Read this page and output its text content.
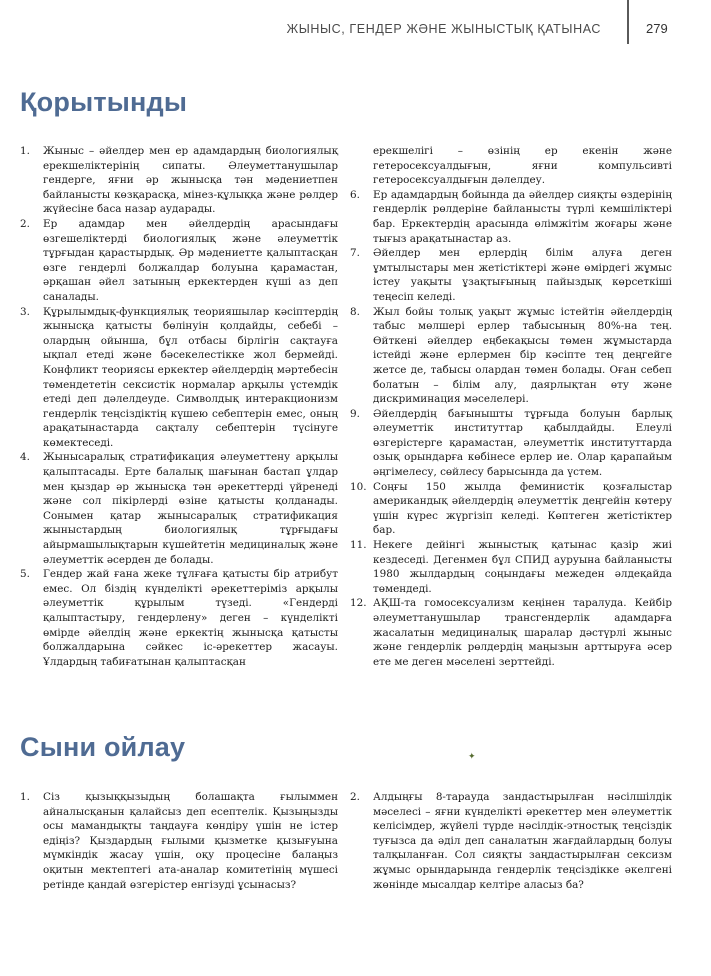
ЖЫНЫС, ГЕНДЕР ЖӘНЕ ЖЫНЫСТЫҚ ҚАТЫНАС	279
Қорытынды
1.	Жыныс – әйелдер мен ер адамдардың биологиялық ерекшеліктерінің сипаты. Әлеуметтанушылар гендерге, яғни әр жынысқа тән мәдениетпен байланысты көзқарасқа, мінез-құлыққа және рөлдер жүйесіне баса назар аударады.
2.	Ер адамдар мен әйелдердің арасындағы өзгешеліктерді биологиялық және әлеуметтік тұрғыдан қарастырдық. Әр мәдениетте қалыптасқан өзге гендерлі болжалдар болуына қарамастан, әрқашан әйел затының еркектерден күші аз деп саналады.
3.	Құрылымдық-функциялық теорияшылар кәсіптердің жынысқа қатысты бөлінуін қолдайды, себебі – олардың ойынша, бұл отбасы бірлігін сақтауға ықпал етеді және бәсекелестікке жол бермейді. Конфликт теориясы еркектер әйелдердің мәртебесін төмендететін сексистік нормалар арқылы үстемдік етеді деп дәлелдеуде. Символдық интеракционизм гендерлік теңсіздіктің күшею себептерін емес, оның арақатынастарда сақталу себептерін түсінуге көмектеседі.
4.	Жынысаралық стратификация әлеуметтену арқылы қалыптасады. Ерте балалық шағынан бастап ұлдар мен қыздар әр жынысқа тән әрекеттерді үйренеді және сол пікірлерді өзіне қатысты қолданады. Сонымен қатар жынысаралық стратификация жыныстардың биологиялық тұрғыдағы айырмашылықтарын күшейтетін медициналық және әлеуметтік әсерден де болады.
5.	Гендер жай ғана жеке тұлғаға қатысты бір атрибут емес. Ол біздің күнделікті әрекеттеріміз арқылы әлеуметтік құрылым түзеді. «Гендерді қалыптастыру, гендерлену» деген – күнделікті өмірде әйелдің және еркектің жынысқа қатысты болжалдарына сәйкес іс-әрекеттер жасауы. Ұлдардың табиғатынан қалыптасқан
ерекшелігі – өзінің ер екенін және гетеросексуалдығын, яғни компульсивті гетеросексуалдығын дәлелдеу.
6.	Ер адамдардың бойында да әйелдер сияқты өздерінің гендерлік рөлдеріне байланысты түрлі кемшіліктері бар. Еркектердің арасында өлімжітім жоғары және тығыз арақатынастар аз.
7.	Әйелдер мен ерлердің білім алуға деген ұмтылыстары мен жетістіктері және өмірдегі жұмыс істеу уақыты ұзақтығының пайыздық көрсеткіші теңесіп келеді.
8.	Жыл бойы толық уақыт жұмыс істейтін әйелдердің табыс мөлшері ерлер табысының 80%-на тең. Өйткені әйелдер еңбекақысы төмен жұмыстарда істейді және ерлермен бір кәсіпте тең деңгейге жетсе де, табысы олардан төмен болады. Оған себеп болатын – білім алу, даярлықтан өту және дискриминация мәселелері.
9.	Әйелдердің бағынышты тұрғыда болуын барлық әлеуметтік институттар қабылдайды. Елеулі өзгерістерге қарамастан, әлеуметтік институттарда озық орындарға көбінесе ерлер ие. Олар қарапайым әңгімелесу, сөйлесу барысында да үстем.
10. Соңғы 150 жылда феминистік қозғалыстар американдық әйелдердің әлеуметтік деңгейін көтеру үшін күрес жүргізіп келеді. Көптеген жетістіктер бар.
11. Некеге дейінгі жыныстық қатынас қазір жиі кездеседі. Дегенмен бұл СПИД ауруына байланысты 1980 жылдардың соңындағы межеден әлдеқайда төмендеді.
12. АҚШ-та гомосексуализм кеңінен таралуда. Кейбір әлеуметтанушылар трансгендерлік адамдарға жасалатын медициналық шаралар дәстүрлі жыныс және гендерлік рөлдердің маңызын арттыруға әсер ете ме деген мәселені зерттейді.
Сыни ойлау	✦
1.	Сіз қызыққызыдың болашақта ғылыммен айналысқанын қалайсыз деп есептелік. Қызыңызды осы мамандықты таңдауға көндіру үшін не істер едіңіз? Қыздардың ғылыми қызметке қызығуына мүмкіндік жасау үшін, оқу процесіне балаңыз оқитын мектептегі ата-аналар комитетінің мүшесі ретінде қандай өзгерістер енгізуді ұсынасыз?
2.	Алдыңғы 8-тарауда зандастырылған нәсілшілдік мәселесі – яғни күнделікті әрекеттер мен әлеуметтік келісімдер, жүйелі түрде нәсілдік-этностық теңсіздік туғызса да әділ деп саналатын жағдайлардың болуы талқыланған. Сол сияқты заңдастырылған сексизм жұмыс орындарында гендерлік теңсіздікке әкелгені жөнінде мысалдар келтіре аласыз ба?
